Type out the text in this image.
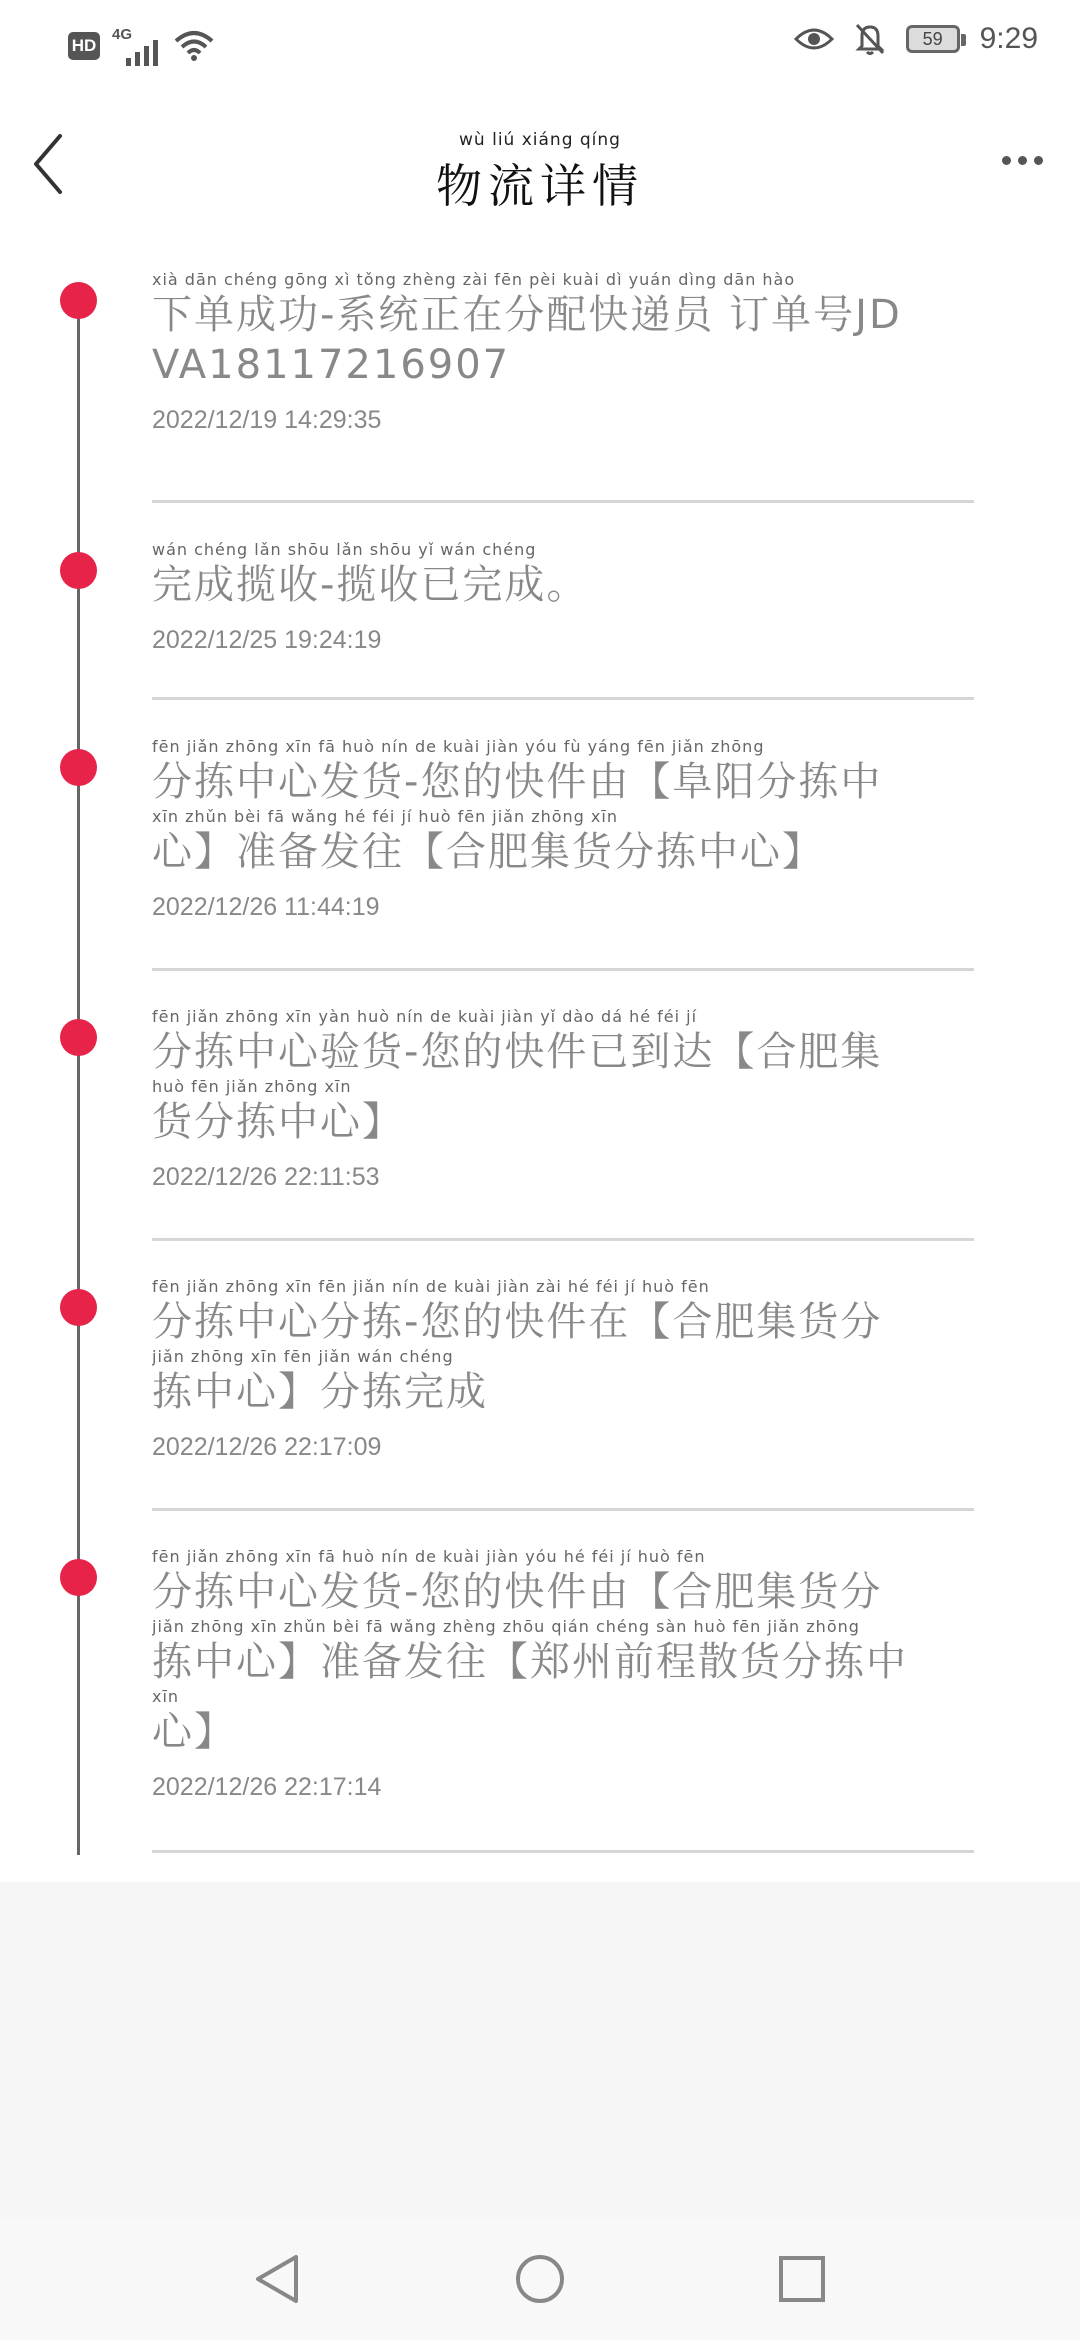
HD
4G	59	9:29
wù liú xiáng qíng
物流详情
xià dān chéng gōng xì tǒng zhèng zài fēn pèi kuài dì yuán dìng dān hào
下单成功-系统正在分配快递员 订单号JD
VA18117216907
2022/12/19 14:29:35
wán chéng lǎn shōu lǎn shōu yǐ wán chéng
完成揽收-揽收已完成。
2022/12/25 19:24:19
fēn jiǎn zhōng xīn fā huò nín de kuài jiàn yóu fù yáng fēn jiǎn zhōng
分拣中心发货-您的快件由【阜阳分拣中
xīn zhǔn bèi fā wǎng hé féi jí huò fēn jiǎn zhōng xīn
心】准备发往【合肥集货分拣中心】
2022/12/26 11:44:19
fēn jiǎn zhōng xīn yàn huò nín de kuài jiàn yǐ dào dá hé féi jí
分拣中心验货-您的快件已到达【合肥集
huò fēn jiǎn zhōng xīn
货分拣中心】
2022/12/26 22:11:53
fēn jiǎn zhōng xīn fēn jiǎn nín de kuài jiàn zài hé féi jí huò fēn
分拣中心分拣-您的快件在【合肥集货分
jiǎn zhōng xīn fēn jiǎn wán chéng
拣中心】分拣完成
2022/12/26 22:17:09
fēn jiǎn zhōng xīn fā huò nín de kuài jiàn yóu hé féi jí huò fēn
分拣中心发货-您的快件由【合肥集货分
jiǎn zhōng xīn zhǔn bèi fā wǎng zhèng zhōu qián chéng sàn huò fēn jiǎn zhōng
拣中心】准备发往【郑州前程散货分拣中
xīn
心】
2022/12/26 22:17:14
